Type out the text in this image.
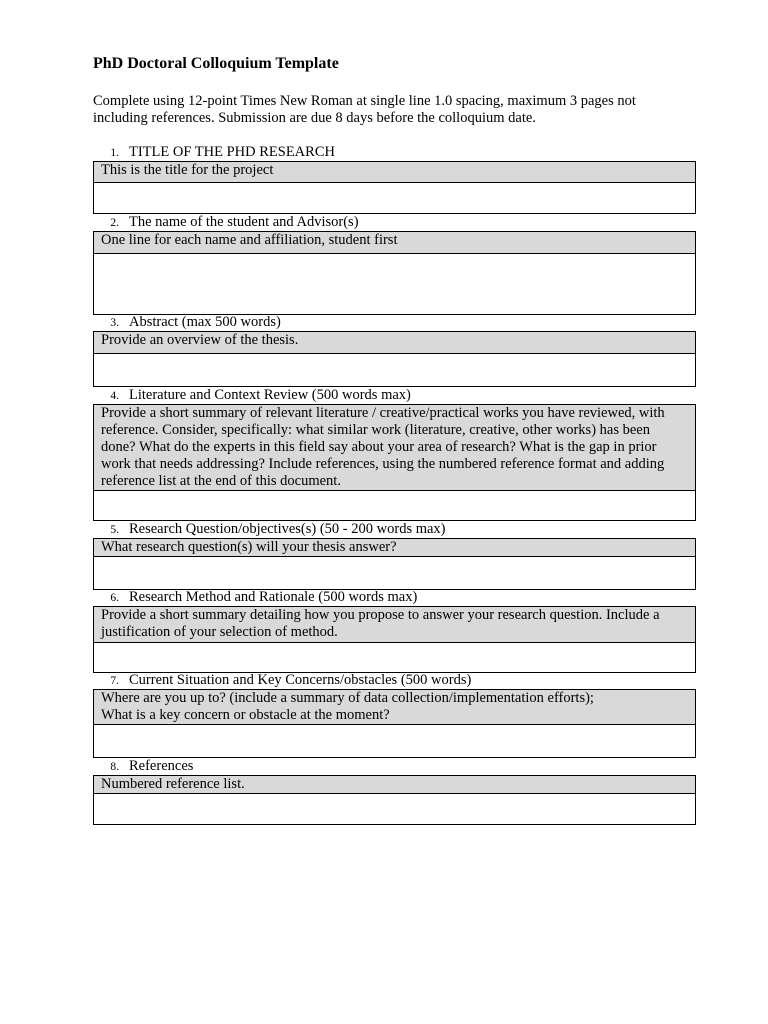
PhD Doctoral Colloquium Template

Complete using 12-point Times New Roman at single line 1.0 spacing, maximum 3 pages not including references. Submission are due 8 days before the colloquium date.

1. TITLE OF THE PHD RESEARCH
This is the title for the project
2. The name of the student and Advisor(s)
One line for each name and affiliation, student first
3. Abstract (max 500 words)
Provide an overview of the thesis.
4. Literature and Context Review (500 words max)
Provide a short summary of relevant literature / creative/practical works you have reviewed, with reference. Consider, specifically: what similar work (literature, creative, other works) has been done? What do the experts in this field say about your area of research? What is the gap in prior work that needs addressing? Include references, using the numbered reference format and adding reference list at the end of this document.
5. Research Question/objectives(s) (50 - 200 words max)
What research question(s) will your thesis answer?
6. Research Method and Rationale (500 words max)
Provide a short summary detailing how you propose to answer your research question. Include a justification of your selection of method.
7. Current Situation and Key Concerns/obstacles (500 words)
Where are you up to? (include a summary of data collection/implementation efforts);
What is a key concern or obstacle at the moment?
8. References
Numbered reference list.
